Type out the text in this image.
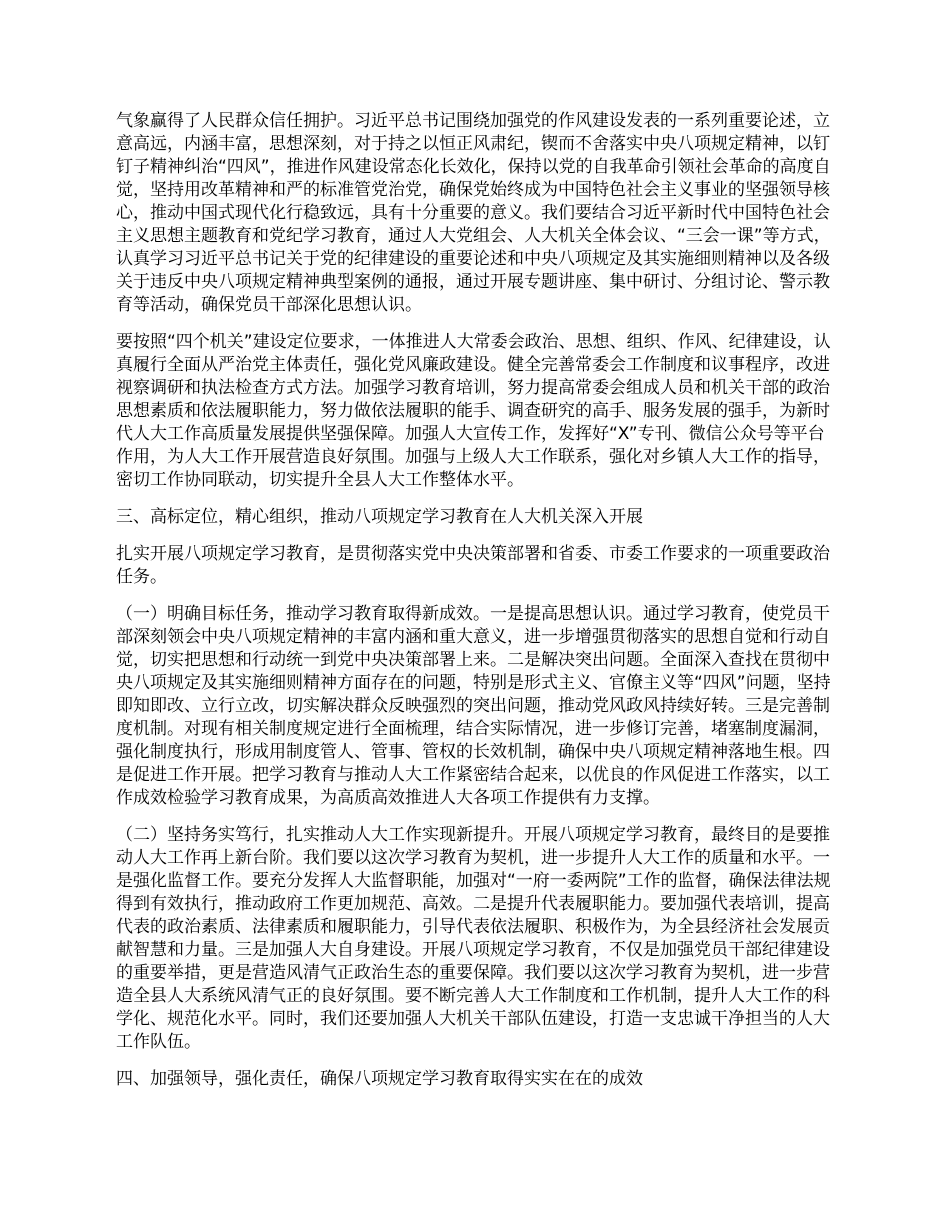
气象赢得了人民群众信任拥护。习近平总书记围绕加强党的作风建设发表的一系列重要论述，立意高远，内涵丰富，思想深刻，对于持之以恒正风肃纪，锲而不舍落实中央八项规定精神，以钉钉子精神纠治“四风”，推进作风建设常态化长效化，保持以党的自我革命引领社会革命的高度自觉，坚持用改革精神和严的标准管党治党，确保党始终成为中国特色社会主义事业的坚强领导核心，推动中国式现代化行稳致远，具有十分重要的意义。我们要结合习近平新时代中国特色社会主义思想主题教育和党纪学习教育，通过人大党组会、人大机关全体会议、“三会一课”等方式，认真学习习近平总书记关于党的纪律建设的重要论述和中央八项规定及其实施细则精神以及各级关于违反中央八项规定精神典型案例的通报，通过开展专题讲座、集中研讨、分组讨论、警示教育等活动，确保党员干部深化思想认识。

要按照“四个机关”建设定位要求，一体推进人大常委会政治、思想、组织、作风、纪律建设，认真履行全面从严治党主体责任，强化党风廉政建设。健全完善常委会工作制度和议事程序，改进视察调研和执法检查方式方法。加强学习教育培训，努力提高常委会组成人员和机关干部的政治思想素质和依法履职能力，努力做依法履职的能手、调查研究的高手、服务发展的强手，为新时代人大工作高质量发展提供坚强保障。加强人大宣传工作，发挥好“X”专刊、微信公众号等平台作用，为人大工作开展营造良好氛围。加强与上级人大工作联系，强化对乡镇人大工作的指导，密切工作协同联动，切实提升全县人大工作整体水平。

三、高标定位，精心组织，推动八项规定学习教育在人大机关深入开展

扎实开展八项规定学习教育，是贯彻落实党中央决策部署和省委、市委工作要求的一项重要政治任务。

（一）明确目标任务，推动学习教育取得新成效。一是提高思想认识。通过学习教育，使党员干部深刻领会中央八项规定精神的丰富内涵和重大意义，进一步增强贯彻落实的思想自觉和行动自觉，切实把思想和行动统一到党中央决策部署上来。二是解决突出问题。全面深入查找在贯彻中央八项规定及其实施细则精神方面存在的问题，特别是形式主义、官僚主义等“四风”问题，坚持即知即改、立行立改，切实解决群众反映强烈的突出问题，推动党风政风持续好转。三是完善制度机制。对现有相关制度规定进行全面梳理，结合实际情况，进一步修订完善，堵塞制度漏洞，强化制度执行，形成用制度管人、管事、管权的长效机制，确保中央八项规定精神落地生根。四是促进工作开展。把学习教育与推动人大工作紧密结合起来，以优良的作风促进工作落实，以工作成效检验学习教育成果，为高质高效推进人大各项工作提供有力支撑。

（二）坚持务实笃行，扎实推动人大工作实现新提升。开展八项规定学习教育，最终目的是要推动人大工作再上新台阶。我们要以这次学习教育为契机，进一步提升人大工作的质量和水平。一是强化监督工作。要充分发挥人大监督职能，加强对“一府一委两院”工作的监督，确保法律法规得到有效执行，推动政府工作更加规范、高效。二是提升代表履职能力。要加强代表培训，提高代表的政治素质、法律素质和履职能力，引导代表依法履职、积极作为，为全县经济社会发展贡献智慧和力量。三是加强人大自身建设。开展八项规定学习教育，不仅是加强党员干部纪律建设的重要举措，更是营造风清气正政治生态的重要保障。我们要以这次学习教育为契机，进一步营造全县人大系统风清气正的良好氛围。要不断完善人大工作制度和工作机制，提升人大工作的科学化、规范化水平。同时，我们还要加强人大机关干部队伍建设，打造一支忠诚干净担当的人大工作队伍。

四、加强领导，强化责任，确保八项规定学习教育取得实实在在的成效
